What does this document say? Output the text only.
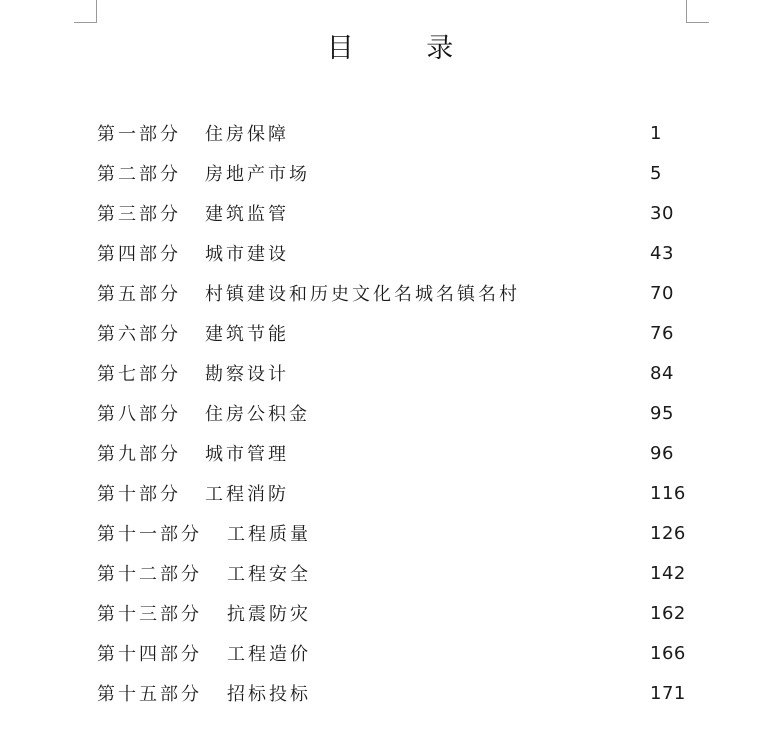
目 录
第一部分 住房保障	1
第二部分 房地产市场	5
第三部分 建筑监管	30
第四部分 城市建设	43
第五部分 村镇建设和历史文化名城名镇名村	70
第六部分 建筑节能	76
第七部分 勘察设计	84
第八部分 住房公积金	95
第九部分 城市管理	96
第十部分 工程消防	116
第十一部分 工程质量	126
第十二部分 工程安全	142
第十三部分 抗震防灾	162
第十四部分 工程造价	166
第十五部分 招标投标	171
